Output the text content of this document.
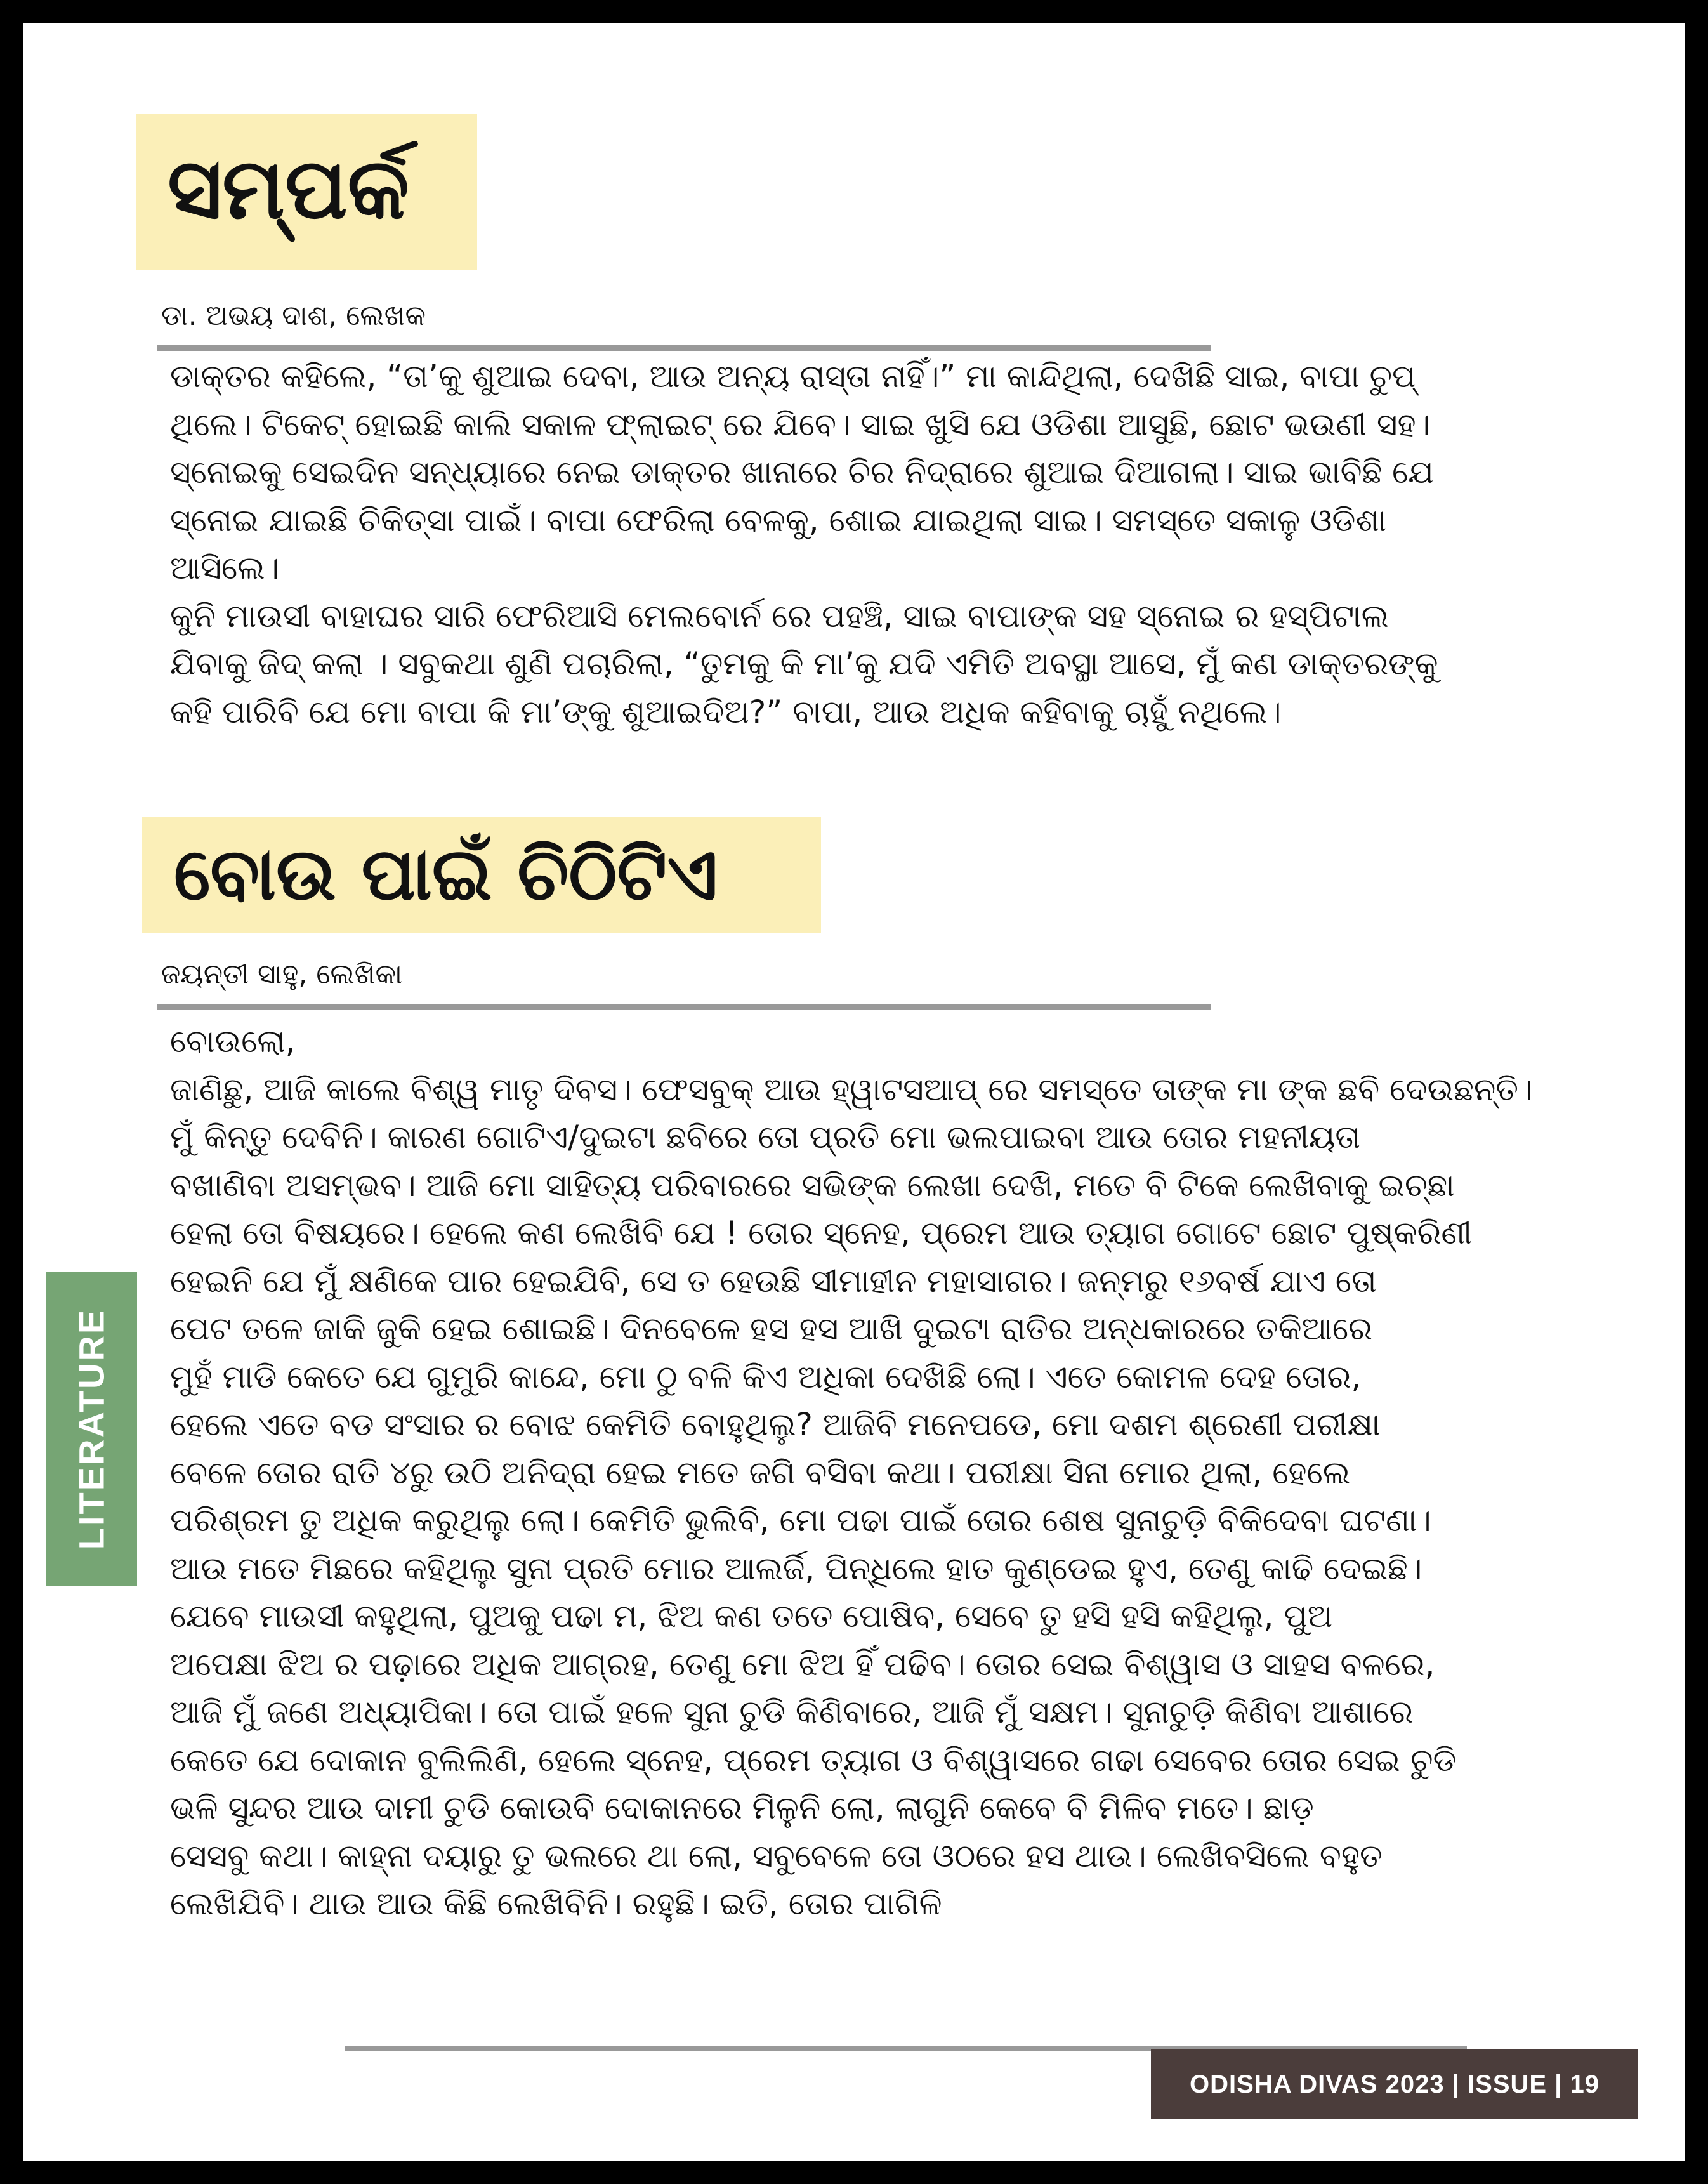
ସମ୍ପର୍କ
ଡା. ଅଭୟ ଦାଶ, ଲେଖକ
ଡାକ୍ତର କହିଲେ, “ତା’କୁ ଶୁଆଇ ଦେବା, ଆଉ ଅନ୍ୟ ରାସ୍ତା ନାହିଁ।” ମା କାନ୍ଦିଥିଲା, ଦେଖିଛି ସାଇ, ବାପା ଚୁପ୍
ଥିଲେ। ଟିକେଟ୍ ହୋଇଛି କାଲି ସକାଳ ଫ୍ଲାଇଟ୍ ରେ ଯିବେ। ସାଇ ଖୁସି ଯେ ଓଡିଶା ଆସୁଛି, ଛୋଟ ଭଉଣୀ ସହ।
ସ୍ନୋଇକୁ ସେଇଦିନ ସନ୍ଧ୍ୟାରେ ନେଇ ଡାକ୍ତର ଖାନାରେ ଚିର ନିଦ୍ରାରେ ଶୁଆଇ ଦିଆଗଲା। ସାଇ ଭାବିଛି ଯେ
ସ୍ନୋଇ ଯାଇଛି ଚିକିତ୍ସା ପାଇଁ। ବାପା ଫେରିଲା ବେଳକୁ, ଶୋଇ ଯାଇଥିଲା ସାଇ। ସମସ୍ତେ ସକାଳୁ ଓଡିଶା
ଆସିଲେ।
କୁନି ମାଉସୀ ବାହାଘର ସାରି ଫେରିଆସି ମେଲବୋର୍ନ ରେ ପହଞ୍ଚି, ସାଇ ବାପାଙ୍କ ସହ ସ୍ନୋଇ ର ହସ୍ପିଟାଲ
ଯିବାକୁ ଜିଦ୍ କଲା । ସବୁକଥା ଶୁଣି ପଚାରିଲା, “ତୁମକୁ କି ମା’କୁ ଯଦି ଏମିତି ଅବସ୍ଥା ଆସେ, ମୁଁ କଣ ଡାକ୍ତରଙ୍କୁ
କହି ପାରିବି ଯେ ମୋ ବାପା କି ମା’ଙ୍କୁ ଶୁଆଇଦିଅ?” ବାପା, ଆଉ ଅଧିକ କହିବାକୁ ଚାହୁଁ ନଥିଲେ।
ବୋଉ ପାଇଁ ଚିଠିଟିଏ
ଜୟନ୍ତୀ ସାହୁ, ଲେଖିକା
ବୋଉଲୋ,
ଜାଣିଛୁ, ଆଜି କାଲେ ବିଶ୍ୱ ମାତୃ ଦିବସ। ଫେସବୁକ୍ ଆଉ ହ୍ୱାଟସଆପ୍ ରେ ସମସ୍ତେ ତାଙ୍କ ମା ଙ୍କ ଛବି ଦେଉଛନ୍ତି।
ମୁଁ କିନ୍ତୁ ଦେବିନି। କାରଣ ଗୋଟିଏ/ଦୁଇଟା ଛବିରେ ତୋ ପ୍ରତି ମୋ ଭଲପାଇବା ଆଉ ତୋର ମହନୀୟତା
ବଖାଣିବା ଅସମ୍ଭବ। ଆଜି ମୋ ସାହିତ୍ୟ ପରିବାରରେ ସଭିଙ୍କ ଲେଖା ଦେଖି, ମତେ ବି ଟିକେ ଲେଖିବାକୁ ଇଚ୍ଛା
ହେଲା ତୋ ବିଷୟରେ। ହେଲେ କଣ ଲେଖିବି ଯେ ! ତୋର ସ୍ନେହ, ପ୍ରେମ ଆଉ ତ୍ୟାଗ ଗୋଟେ ଛୋଟ ପୁଷ୍କରିଣୀ
ହେଇନି ଯେ ମୁଁ କ୍ଷଣିକେ ପାର ହେଇଯିବି, ସେ ତ ହେଉଛି ସୀମାହୀନ ମହାସାଗର। ଜନ୍ମରୁ ୧୬ବର୍ଷ ଯାଏ ତୋ
ପେଟ ତଳେ ଜାକି ଜୁକି ହେଇ ଶୋଇଛି। ଦିନବେଳେ ହସ ହସ ଆଖି ଦୁଇଟା ରାତିର ଅନ୍ଧକାରରେ ତକିଆରେ
ମୁହଁ ମାଡି କେତେ ଯେ ଗୁମୁରି କାନ୍ଦେ, ମୋ ଠୁ ବଳି କିଏ ଅଧିକା ଦେଖିଛି ଲୋ। ଏତେ କୋମଳ ଦେହ ତୋର,
ହେଲେ ଏତେ ବଡ ସଂସାର ର ବୋଝ କେମିତି ବୋହୁଥିଲୁ? ଆଜିବି ମନେପଡେ, ମୋ ଦଶମ ଶ୍ରେଣୀ ପରୀକ୍ଷା
ବେଳେ ତୋର ରାତି ୪ରୁ ଉଠି ଅନିଦ୍ରା ହେଇ ମତେ ଜଗି ବସିବା କଥା। ପରୀକ୍ଷା ସିନା ମୋର ଥିଲା, ହେଲେ
ପରିଶ୍ରମ ତୁ ଅଧିକ କରୁଥିଲୁ ଲୋ। କେମିତି ଭୁଲିବି, ମୋ ପଢା ପାଇଁ ତୋର ଶେଷ ସୁନାଚୁଡ଼ି ବିକିଦେବା ଘଟଣା।
ଆଉ ମତେ ମିଛରେ କହିଥିଲୁ ସୁନା ପ୍ରତି ମୋର ଆଲର୍ଜି, ପିନ୍ଧିଲେ ହାତ କୁଣ୍ଡେଇ ହୁଏ, ତେଣୁ କାଢି ଦେଇଛି।
ଯେବେ ମାଉସୀ କହୁଥିଲା, ପୁଅକୁ ପଢା ମ, ଝିଅ କଣ ତତେ ପୋଷିବ, ସେବେ ତୁ ହସି ହସି କହିଥିଲୁ, ପୁଅ
ଅପେକ୍ଷା ଝିଅ ର ପଢ଼ାରେ ଅଧିକ ଆଗ୍ରହ, ତେଣୁ ମୋ ଝିଅ ହିଁ ପଢିବ। ତୋର ସେଇ ବିଶ୍ୱାସ ଓ ସାହସ ବଳରେ,
ଆଜି ମୁଁ ଜଣେ ଅଧ୍ୟାପିକା। ତୋ ପାଇଁ ହଳେ ସୁନା ଚୁଡି କିଣିବାରେ, ଆଜି ମୁଁ ସକ୍ଷମ। ସୁନାଚୁଡ଼ି କିଣିବା ଆଶାରେ
କେତେ ଯେ ଦୋକାନ ବୁଲିଲିଣି, ହେଲେ ସ୍ନେହ, ପ୍ରେମ ତ୍ୟାଗ ଓ ବିଶ୍ୱାସରେ ଗଢା ସେବେର ତୋର ସେଇ ଚୁଡି
ଭଳି ସୁନ୍ଦର ଆଉ ଦାମୀ ଚୁଡି କୋଉବି ଦୋକାନରେ ମିଳୁନି ଲୋ, ଲାଗୁନି କେବେ ବି ମିଳିବ ମତେ। ଛାଡ଼
ସେସବୁ କଥା। କାହ୍ନା ଦୟାରୁ ତୁ ଭଲରେ ଥା ଲୋ, ସବୁବେଳେ ତୋ ଓଠରେ ହସ ଥାଉ। ଲେଖିବସିଲେ ବହୁତ
ଲେଖିଯିବି। ଥାଉ ଆଉ କିଛି ଲେଖିବିନି। ରହୁଛି। ଇତି, ତୋର ପାଗିଳି
LITERATURE
ODISHA DIVAS 2023 | ISSUE | 19
